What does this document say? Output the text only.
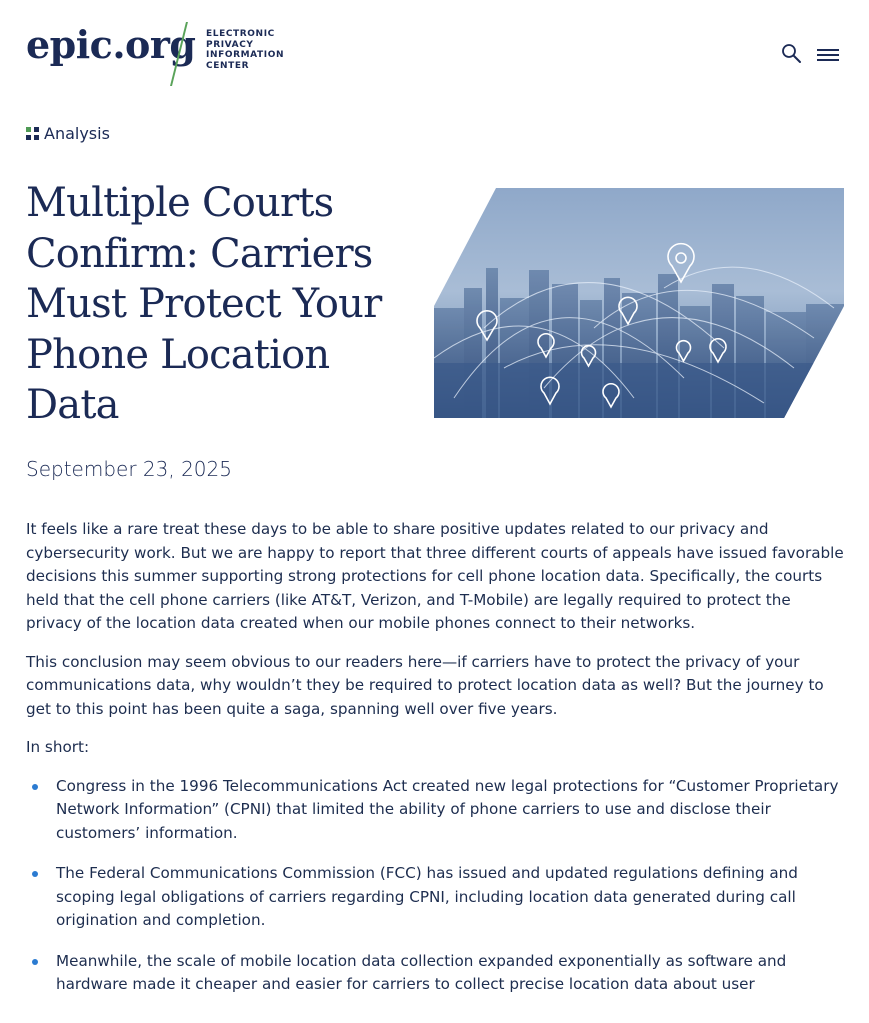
epic.org ELECTRONIC
PRIVACY
INFORMATION
CENTER
Analysis
Multiple Courts Confirm: Carriers Must Protect Your Phone Location Data
September 23, 2025

It feels like a rare treat these days to be able to share positive updates related to our privacy and cybersecurity work. But we are happy to report that three different courts of appeals have issued favorable decisions this summer supporting strong protections for cell phone location data. Specifically, the courts held that the cell phone carriers (like AT&T, Verizon, and T-Mobile) are legally required to protect the privacy of the location data created when our mobile phones connect to their networks.

This conclusion may seem obvious to our readers here—if carriers have to protect the privacy of your communications data, why wouldn’t they be required to protect location data as well? But the journey to get to this point has been quite a saga, spanning well over five years.

In short:

Congress in the 1996 Telecommunications Act created new legal protections for “Customer Proprietary Network Information” (CPNI) that limited the ability of phone carriers to use and disclose their customers’ information.
The Federal Communications Commission (FCC) has issued and updated regulations defining and scoping legal obligations of carriers regarding CPNI, including location data generated during call origination and completion.
Meanwhile, the scale of mobile location data collection expanded exponentially as software and hardware made it cheaper and easier for carriers to collect precise location data about user
